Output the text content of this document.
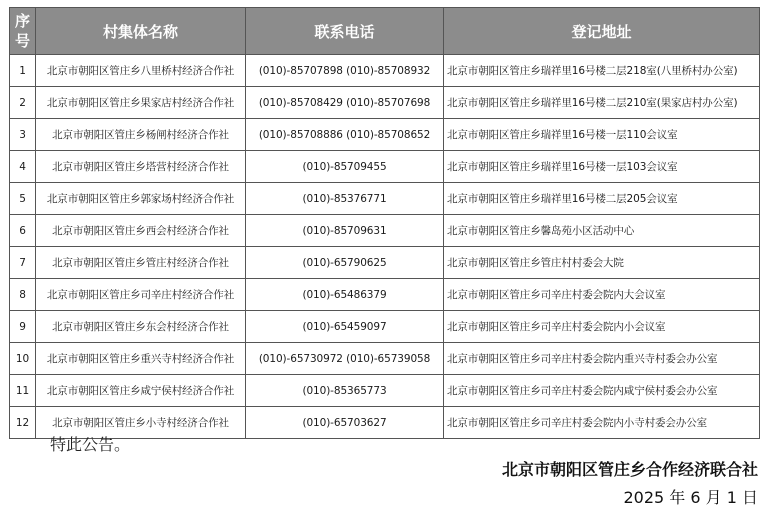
序号	村集体名称	联系电话	登记地址
1	北京市朝阳区管庄乡八里桥村经济合作社	(010)-85707898 (010)-85708932	北京市朝阳区管庄乡瑞祥里16号楼二层218室(八里桥村办公室)
2	北京市朝阳区管庄乡果家店村经济合作社	(010)-85708429 (010)-85707698	北京市朝阳区管庄乡瑞祥里16号楼二层210室(果家店村办公室)
3	北京市朝阳区管庄乡杨闸村经济合作社	(010)-85708886 (010)-85708652	北京市朝阳区管庄乡瑞祥里16号楼一层110会议室
4	北京市朝阳区管庄乡塔营村经济合作社	(010)-85709455	北京市朝阳区管庄乡瑞祥里16号楼一层103会议室
5	北京市朝阳区管庄乡郭家场村经济合作社	(010)-85376771	北京市朝阳区管庄乡瑞祥里16号楼二层205会议室
6	北京市朝阳区管庄乡西会村经济合作社	(010)-85709631	北京市朝阳区管庄乡馨岛苑小区活动中心
7	北京市朝阳区管庄乡管庄村经济合作社	(010)-65790625	北京市朝阳区管庄乡管庄村村委会大院
8	北京市朝阳区管庄乡司辛庄村经济合作社	(010)-65486379	北京市朝阳区管庄乡司辛庄村委会院内大会议室
9	北京市朝阳区管庄乡东会村经济合作社	(010)-65459097	北京市朝阳区管庄乡司辛庄村委会院内小会议室
10	北京市朝阳区管庄乡重兴寺村经济合作社	(010)-65730972 (010)-65739058	北京市朝阳区管庄乡司辛庄村委会院内重兴寺村委会办公室
11	北京市朝阳区管庄乡咸宁侯村经济合作社	(010)-85365773	北京市朝阳区管庄乡司辛庄村委会院内咸宁侯村委会办公室
12	北京市朝阳区管庄乡小寺村经济合作社	(010)-65703627	北京市朝阳区管庄乡司辛庄村委会院内小寺村委会办公室
特此公告。
北京市朝阳区管庄乡合作经济联合社
2025 年 6 月 1 日
